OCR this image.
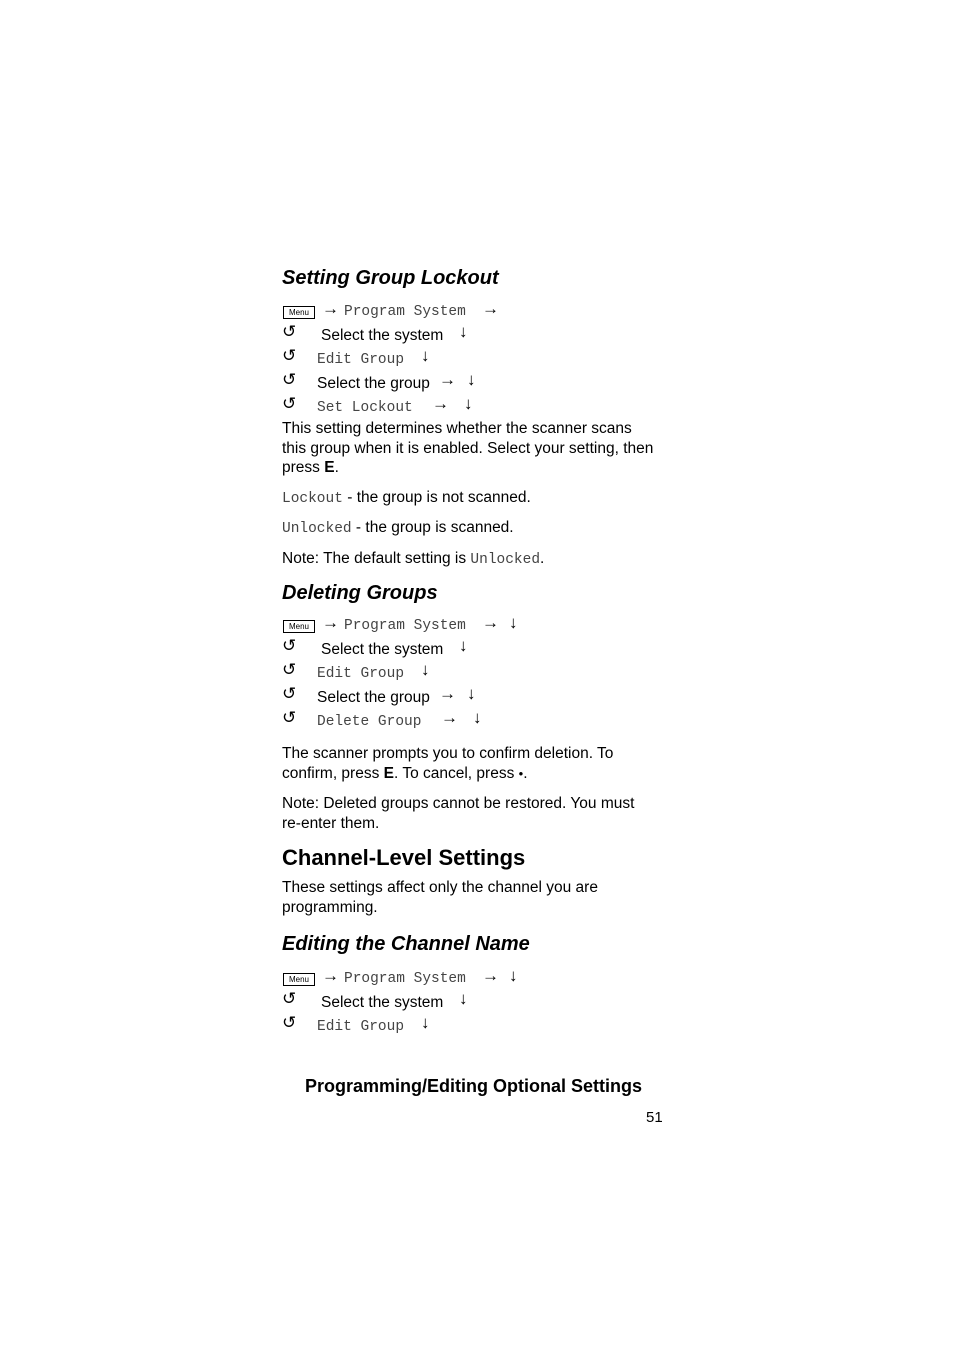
Setting Group Lockout
Menu → Program System →
↺ Select the system ↓
↺ Edit Group ↓
↺ Select the group → ↓
↺ Set Lockout → ↓
This setting determines whether the scanner scans
this group when it is enabled. Select your setting, then
press E.
Lockout - the group is not scanned.
Unlocked - the group is scanned.
Note: The default setting is Unlocked.
Deleting Groups
Menu → Program System → ↓
↺ Select the system ↓
↺ Edit Group ↓
↺ Select the group → ↓
↺ Delete Group → ↓
The scanner prompts you to confirm deletion. To
confirm, press E. To cancel, press •.
Note: Deleted groups cannot be restored. You must
re-enter them.
Channel-Level Settings
These settings affect only the channel you are
programming.
Editing the Channel Name
Menu → Program System → ↓
↺ Select the system ↓
↺ Edit Group ↓
Programming/Editing Optional Settings
51
